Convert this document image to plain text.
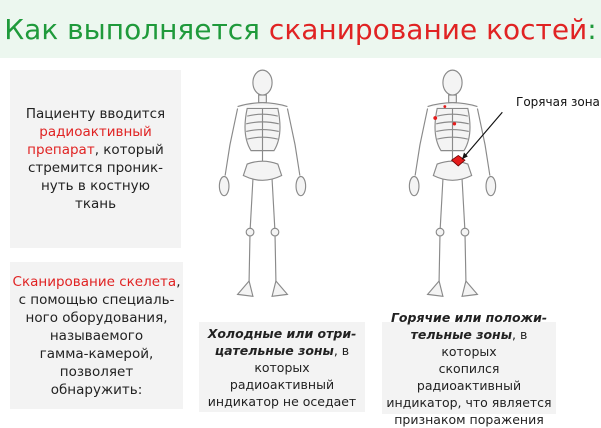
Как выполняется сканирование костей:
Пациенту вводится
радиоактивный
препарат, который
стремится проник-
нуть в костную
ткань
Сканирование скелета,
с помощью специаль-
ного оборудования,
называемого
гамма-камерой,
позволяет обнаружить:
Горячая зона
Холодные или отри-
цательные зоны, в
которых радиоактивный
индикатор не оседает
Горячие или положи-
тельные зоны, в которых
скопился радиоактивный
индикатор, что является
признаком поражения
